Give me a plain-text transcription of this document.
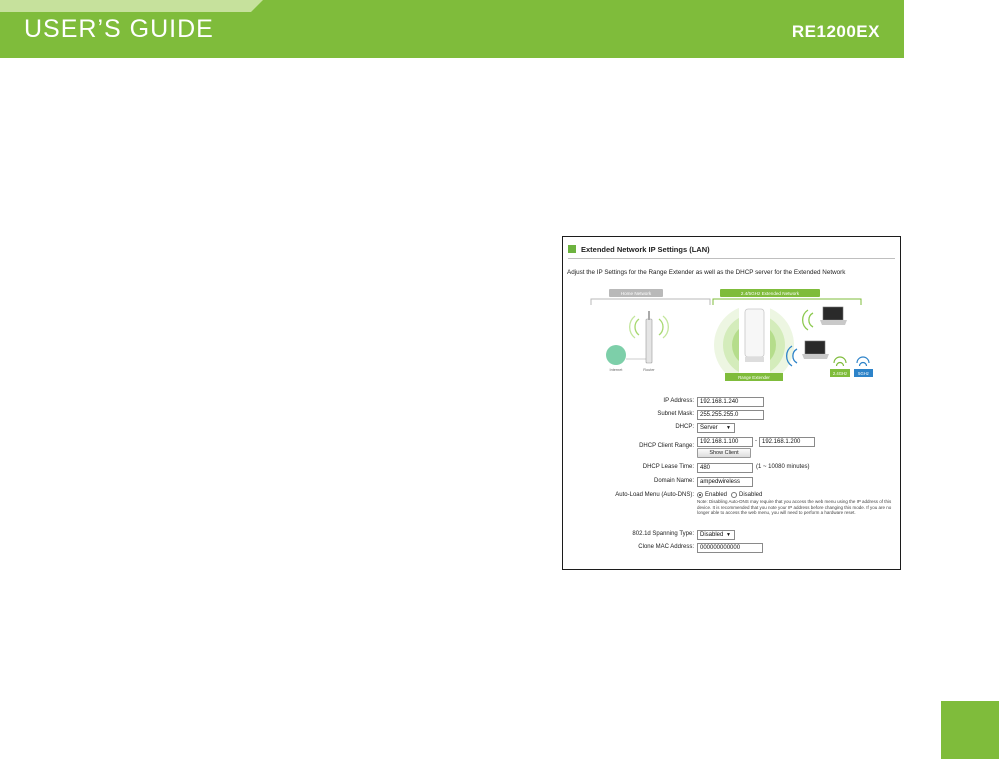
USER’S GUIDE	RE1200EX
Extended Network IP Settings (LAN)
Adjust the IP Settings for the Range Extender as well as the DHCP server for the Extended Network
Home Network	2.4/5GHz Extended Network
Internet	Router
Range Extender
2.4GHz	5GHz
IP Address:	192.168.1.240
Subnet Mask:	255.255.255.0
DHCP:	Server ▼
DHCP Client Range:
192.168.1.100	- 192.168.1.200
Show Client
DHCP Lease Time:	480	(1 ~ 10080 minutes)
Domain Name:	ampedwireless
Auto-Load Menu (Auto-DNS): Enabled Disabled
Note: Disabling Auto-DNS may require that you access the web menu using the IP address of this device. It is recommended that you note your IP address before changing this mode. If you are no longer able to access the web menu, you will need to perform a hardware reset.
802.1d Spanning Type:	Disabled ▼
Clone MAC Address:	000000000000
